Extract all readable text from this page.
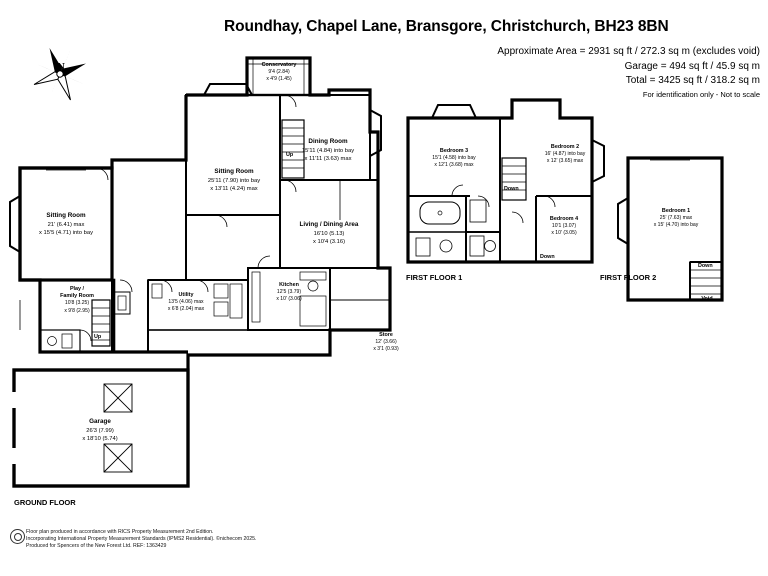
Roundhay, Chapel Lane, Bransgore, Christchurch, BH23 8BN
Approximate Area = 2931 sq ft / 272.3 sq m (excludes void)
Garage = 494 sq ft / 45.9 sq m
Total = 3425 sq ft / 318.2 sq m
For identification only - Not to scale
N	Conservatory
9'4 (2.84)
x 4'9 (1.45)
Dining Room
15'11 (4.84) into bay
x 11'11 (3.63) max
Sitting Room
25'11 (7.90) into bay
x 13'11 (4.24) max
Sitting Room
21' (6.41) max
x 15'5 (4.71) into bay
Living / Dining Area
16'10 (5.13)
x 10'4 (3.16)
Play /
Family Room
10'8 (3.25)
x 9'8 (2.95)
Utility
13'5 (4.06) max
x 6'8 (2.04) max
Kitchen
12'5 (3.79)
x 10' (3.06)
Store
12' (3.66)
x 3'1 (0.93)
Garage
26'3 (7.99)
x 18'10 (5.74)
Bedroom 3
15'1 (4.58) into bay
x 12'1 (3.68) max
Bedroom 2
16' (4.87) into bay
x 12' (3.65) max
Bedroom 4
10'1 (3.07)
x 10' (3.05)
Bedroom 1
25' (7.63) max
x 15' (4.70) into bay
Void
Up
Up
Down
Down
Down
GROUND FLOOR
FIRST FLOOR 1	FIRST FLOOR 2
Floor plan produced in accordance with RICS Property Measurement 2nd Edition.
Incorporating International Property Measurement Standards (IPMS2 Residential). ©nichecom 2025.
Produced for Spencers of the New Forest Ltd. REF: 1363429
